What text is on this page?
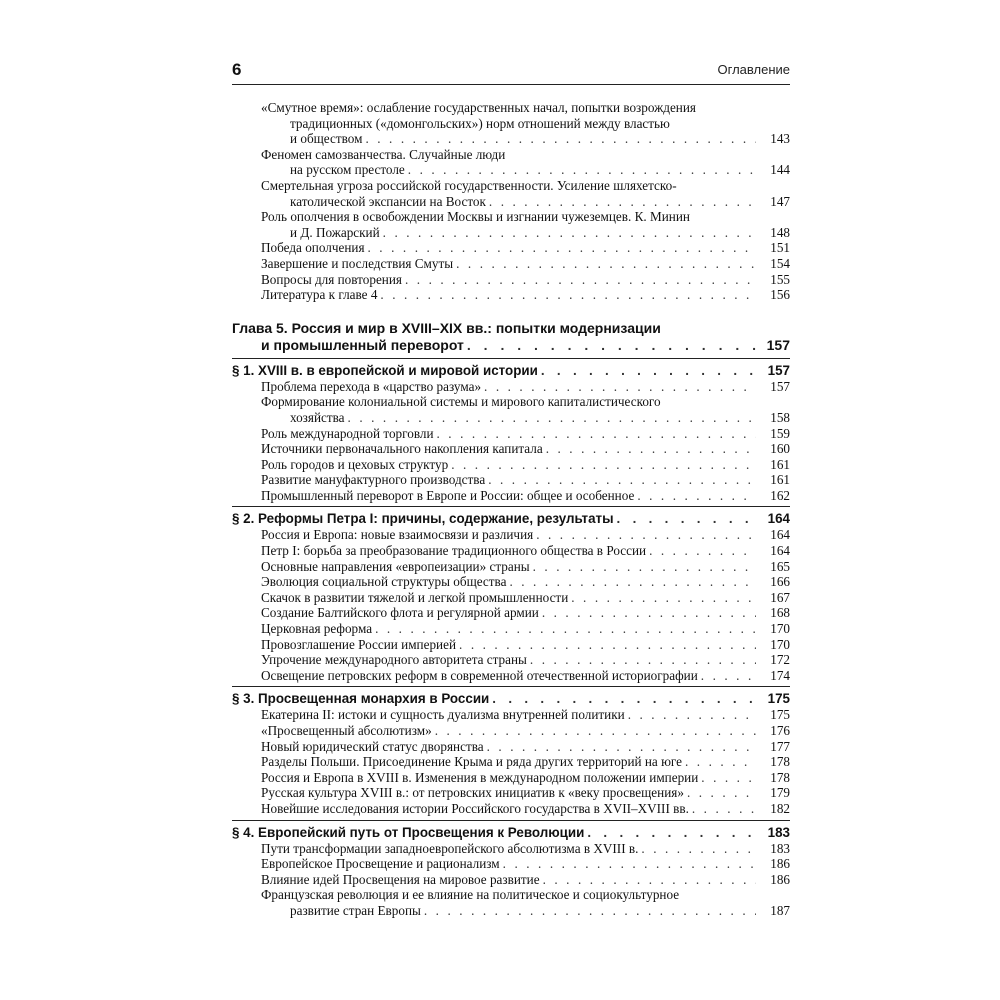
6	Оглавление
«Смутное время»: ослабление государственных начал, попытки возрождения
традиционных («домонгольских») норм отношений между властью
и обществом . . .	143
Феномен самозванчества. Случайные люди
на русском престоле . . .	144
Смертельная угроза российской государственности. Усиление шляхетско-
католической экспансии на Восток . . .	147
Роль ополчения в освобождении Москвы и изгнании чужеземцев. К. Минин
и Д. Пожарский . . .	148
Победа ополчения . . .	151
Завершение и последствия Смуты . . .	154
Вопросы для повторения . . .	155
Литература к главе 4 . . .	156
Глава 5. Россия и мир в XVIII–XIX вв.: попытки модернизации
и промышленный переворот . . .	157
§ 1. XVIII в. в европейской и мировой истории . . .	157
Проблема перехода в «царство разума» . . .	157
Формирование колониальной системы и мирового капиталистического
хозяйства . . .	158
Роль международной торговли . . .	159
Источники первоначального накопления капитала . . .	160
Роль городов и цеховых структур . . .	161
Развитие мануфактурного производства . . .	161
Промышленный переворот в Европе и России: общее и особенное . . .	162
§ 2. Реформы Петра I: причины, содержание, результаты . . .	164
Россия и Европа: новые взаимосвязи и различия . . .	164
Петр I: борьба за преобразование традиционного общества в России . . .	164
Основные направления «европеизации» страны . . .	165
Эволюция социальной структуры общества . . .	166
Скачок в развитии тяжелой и легкой промышленности . . .	167
Создание Балтийского флота и регулярной армии . . .	168
Церковная реформа . . .	170
Провозглашение России империей . . .	170
Упрочение международного авторитета страны . . .	172
Освещение петровских реформ в современной отечественной историографии . . .	174
§ 3. Просвещенная монархия в России . . .	175
Екатерина II: истоки и сущность дуализма внутренней политики . . .	175
«Просвещенный абсолютизм» . . .	176
Новый юридический статус дворянства . . .	177
Разделы Польши. Присоединение Крыма и ряда других территорий на юге . . .	178
Россия и Европа в XVIII в. Изменения в международном положении империи . . .	178
Русская культура XVIII в.: от петровских инициатив к «веку просвещения» . . .	179
Новейшие исследования истории Российского государства в XVII–XVIII вв. . . .	182
§ 4. Европейский путь от Просвещения к Революции . . .	183
Пути трансформации западноевропейского абсолютизма в XVIII в. . . .	183
Европейское Просвещение и рационализм . . .	186
Влияние идей Просвещения на мировое развитие . . .	186
Французская революция и ее влияние на политическое и социокультурное
развитие стран Европы . . .	187
